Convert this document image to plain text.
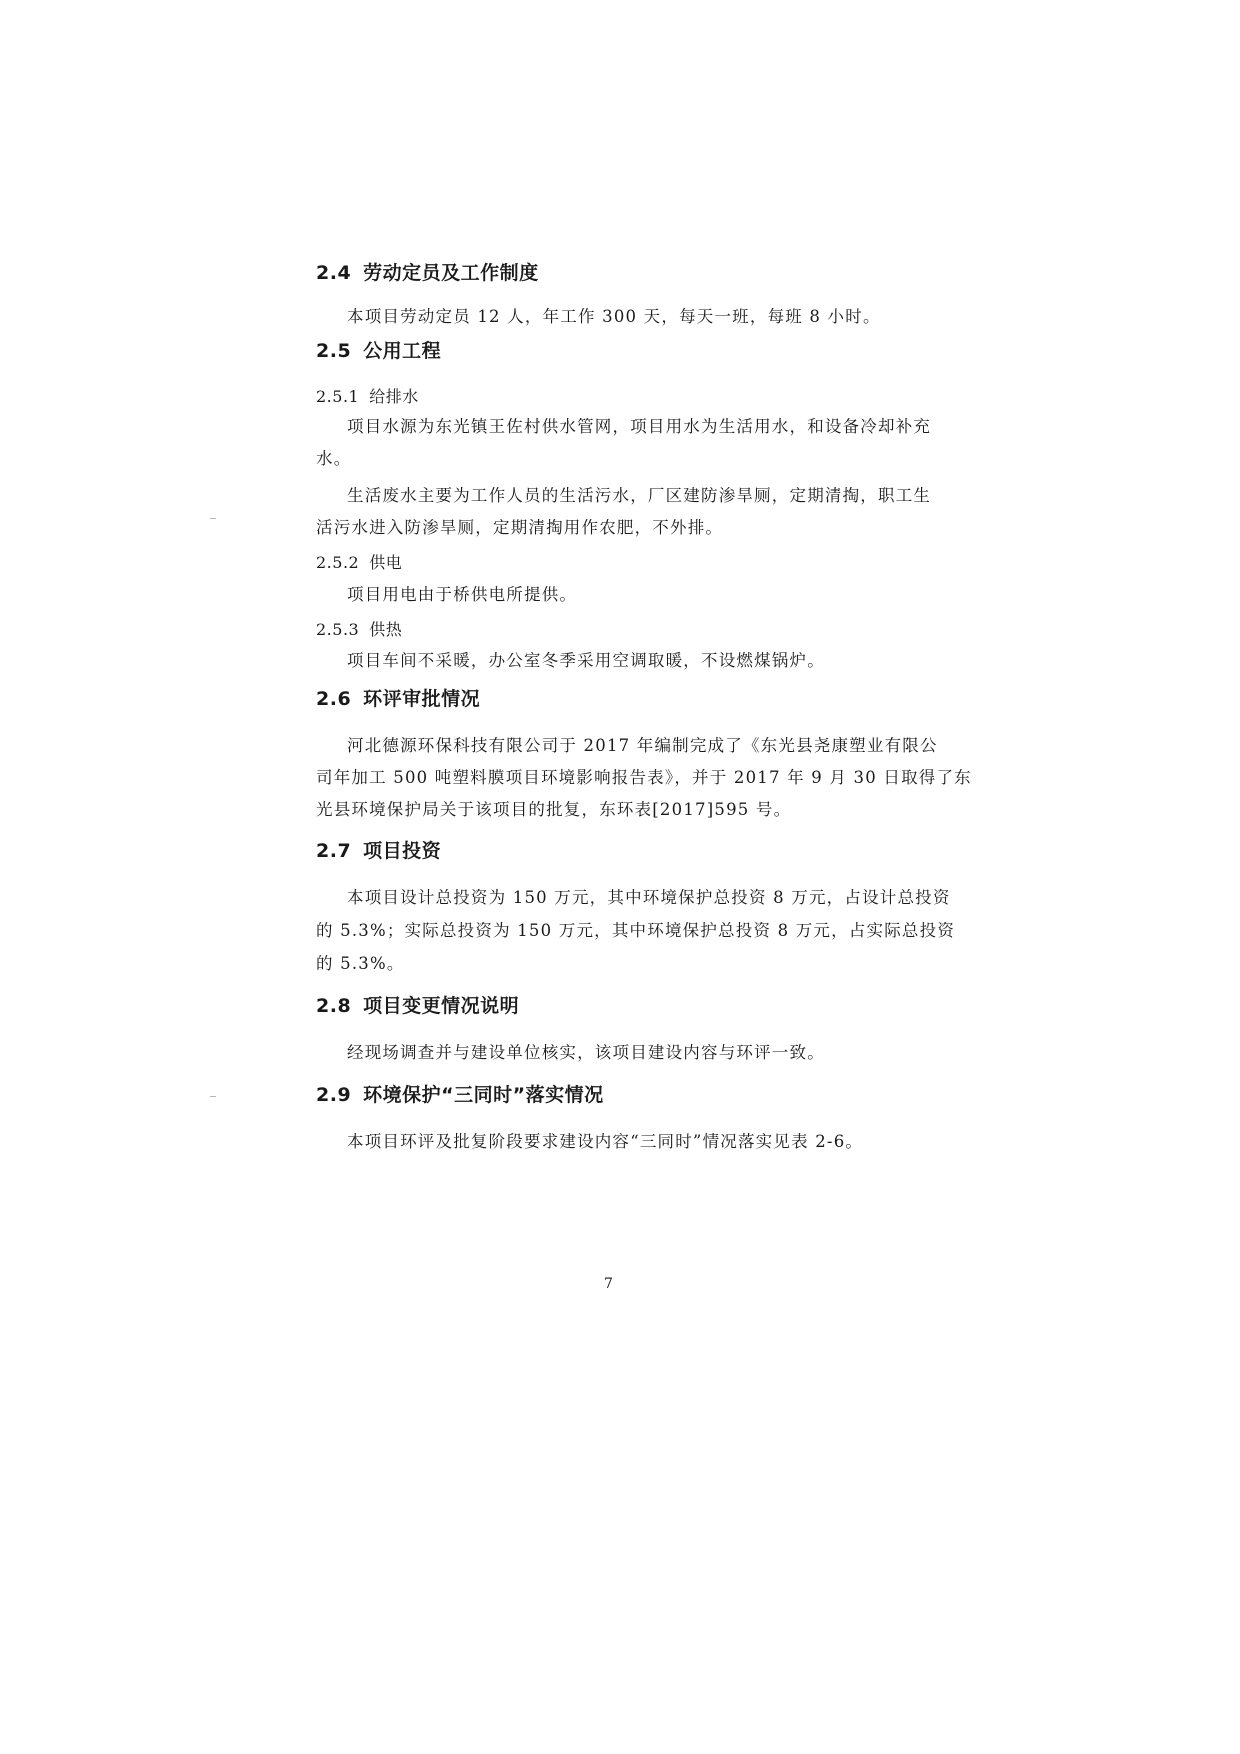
2.4 劳动定员及工作制度
本项目劳动定员 12 人，年工作 300 天，每天一班，每班 8 小时。
2.5 公用工程
2.5.1 给排水
项目水源为东光镇王佐村供水管网，项目用水为生活用水，和设备冷却补充
水。
生活废水主要为工作人员的生活污水，厂区建防渗旱厕，定期清掏，职工生
活污水进入防渗旱厕，定期清掏用作农肥，不外排。
2.5.2 供电
项目用电由于桥供电所提供。
2.5.3 供热
项目车间不采暖，办公室冬季采用空调取暖，不设燃煤锅炉。
2.6 环评审批情况
河北德源环保科技有限公司于 2017 年编制完成了《东光县尧康塑业有限公
司年加工 500 吨塑料膜项目环境影响报告表》，并于 2017 年 9 月 30 日取得了东
光县环境保护局关于该项目的批复，东环表[2017]595 号。
2.7 项目投资
本项目设计总投资为 150 万元，其中环境保护总投资 8 万元，占设计总投资
的 5.3%；实际总投资为 150 万元，其中环境保护总投资 8 万元，占实际总投资
的 5.3%。
2.8 项目变更情况说明
经现场调查并与建设单位核实，该项目建设内容与环评一致。
2.9 环境保护“三同时”落实情况
本项目环评及批复阶段要求建设内容“三同时”情况落实见表 2-6。
7
